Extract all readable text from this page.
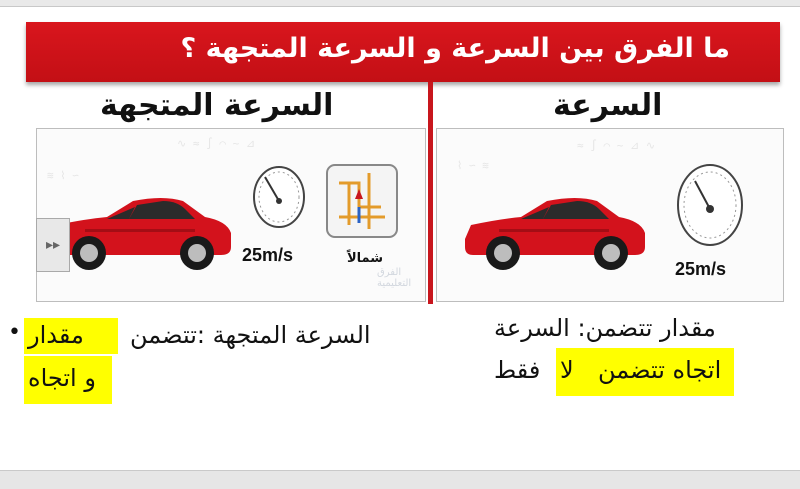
ما الفرق بين السرعة و السرعة المتجهة ؟
السرعة المتجهة	السرعة
∿ ≈ ∫ ⌒ ~ ⊿
≋ ⌇ ∽
25m/s	شمالاً
الفرق التعليمية
▸▸
≈ ∫ ⌒ ~ ⊿ ∿
⌇ ∽ ≋
25m/s
• مقدار السرعة المتجهة :تتضمن
و اتجاه
مقدار تتضمن: السرعة
فقط لا اتجاه تتضمن
